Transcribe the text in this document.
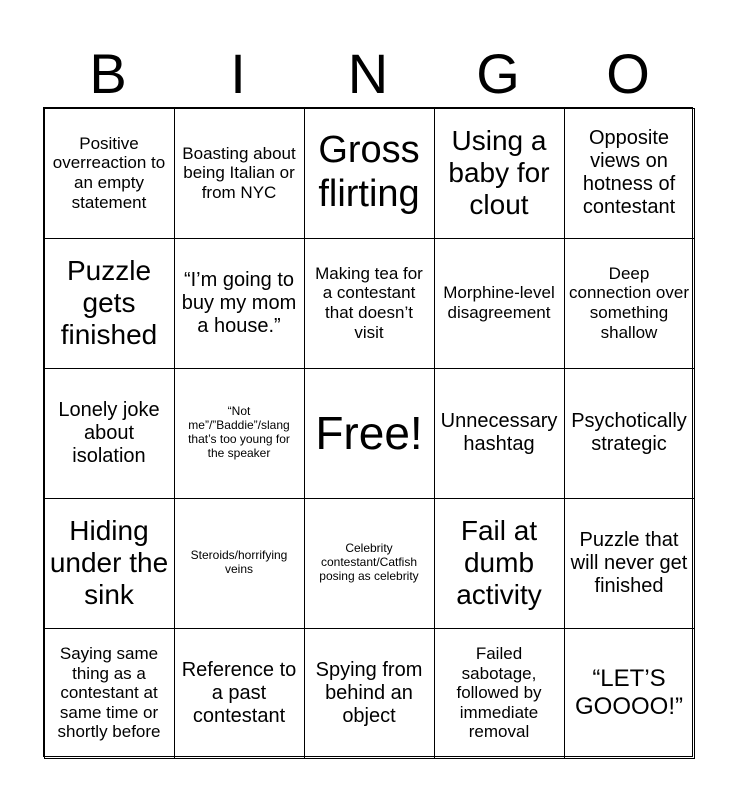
B	I	N	G	O
Positive overreaction to an empty statement
Boasting about being Italian or from NYC
Gross flirting
Using a baby for clout
Opposite views on hotness of contestant
Puzzle gets finished
“I’m going to buy my mom a house.”
Making tea for a contestant that doesn’t visit
Morphine-level disagreement
Deep connection over something shallow
Lonely joke about isolation
“Not me”/”Baddie”/slang that’s too young for the speaker Free! Unnecessary hashtag
Psychotically strategic
Hiding under the sink
Steroids/horrifying veins
Celebrity contestant/Catfish posing as celebrity
Fail at dumb activity
Puzzle that will never get finished
Saying same thing as a contestant at same time or shortly before
Reference to a past contestant
Spying from behind an object
Failed sabotage, followed by immediate removal
“LET’S GOOOO!”
